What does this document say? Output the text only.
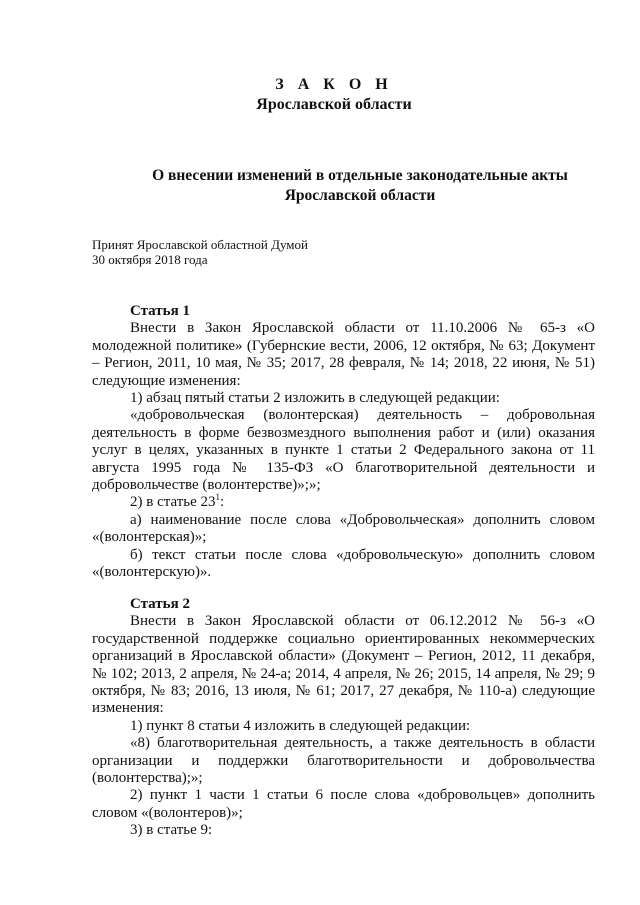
З А К О Н
Ярославской области
О внесении изменений в отдельные законодательные акты
Ярославской области
Принят Ярославской областной Думой
30 октября 2018 года

Статья 1

Внести в Закон Ярославской области от 11.10.2006 № 65-з «О молодежной политике» (Губернские вести, 2006, 12 октября, № 63; Документ – Регион, 2011, 10 мая, № 35; 2017, 28 февраля, № 14; 2018, 22 июня, № 51) следующие изменения:

1) абзац пятый статьи 2 изложить в следующей редакции:

«добровольческая (волонтерская) деятельность – добровольная деятельность в форме безвозмездного выполнения работ и (или) оказания услуг в целях, указанных в пункте 1 статьи 2 Федерального закона от 11 августа 1995 года № 135-ФЗ «О благотворительной деятельности и добровольчестве (волонтерстве)»;»;

2) в статье $23^1$:

а) наименование после слова «Добровольческая» дополнить словом «(волонтерская)»;

б) текст статьи после слова «добровольческую» дополнить словом «(волонтерскую)».

Статья 2

Внести в Закон Ярославской области от 06.12.2012 № 56-з «О государственной поддержке социально ориентированных некоммерческих организаций в Ярославской области» (Документ – Регион, 2012, 11 декабря, № 102; 2013, 2 апреля, № 24-а; 2014, 4 апреля, № 26; 2015, 14 апреля, № 29; 9 октября, № 83; 2016, 13 июля, № 61; 2017, 27 декабря, № 110-а) следующие изменения:

1) пункт 8 статьи 4 изложить в следующей редакции:

«8) благотворительная деятельность, а также деятельность в области организации и поддержки благотворительности и добровольчества (волонтерства);»;

2) пункт 1 части 1 статьи 6 после слова «добровольцев» дополнить словом «(волонтеров)»;

3) в статье 9:
